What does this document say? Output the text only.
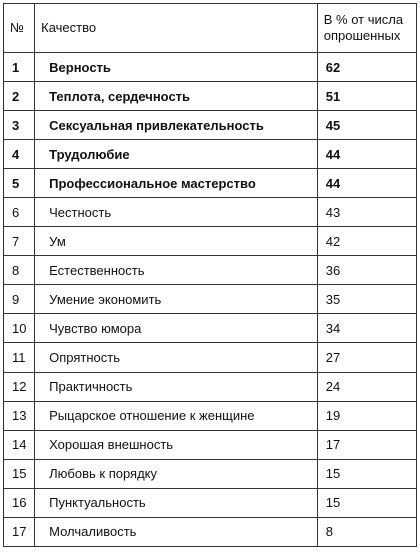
№	Качество	В % от числа опрошенных
1	Верность	62
2	Теплота, сердечность	51
3	Сексуальная привлекательность	45
4	Трудолюбие	44
5	Профессиональное мастерство	44
6	Честность	43
7	Ум	42
8	Естественность	36
9	Умение экономить	35
10	Чувство юмора	34
11	Опрятность	27
12	Практичность	24
13	Рыцарское отношение к женщине	19
14	Хорошая внешность	17
15	Любовь к порядку	15
16	Пунктуальность	15
17	Молчаливость	8
